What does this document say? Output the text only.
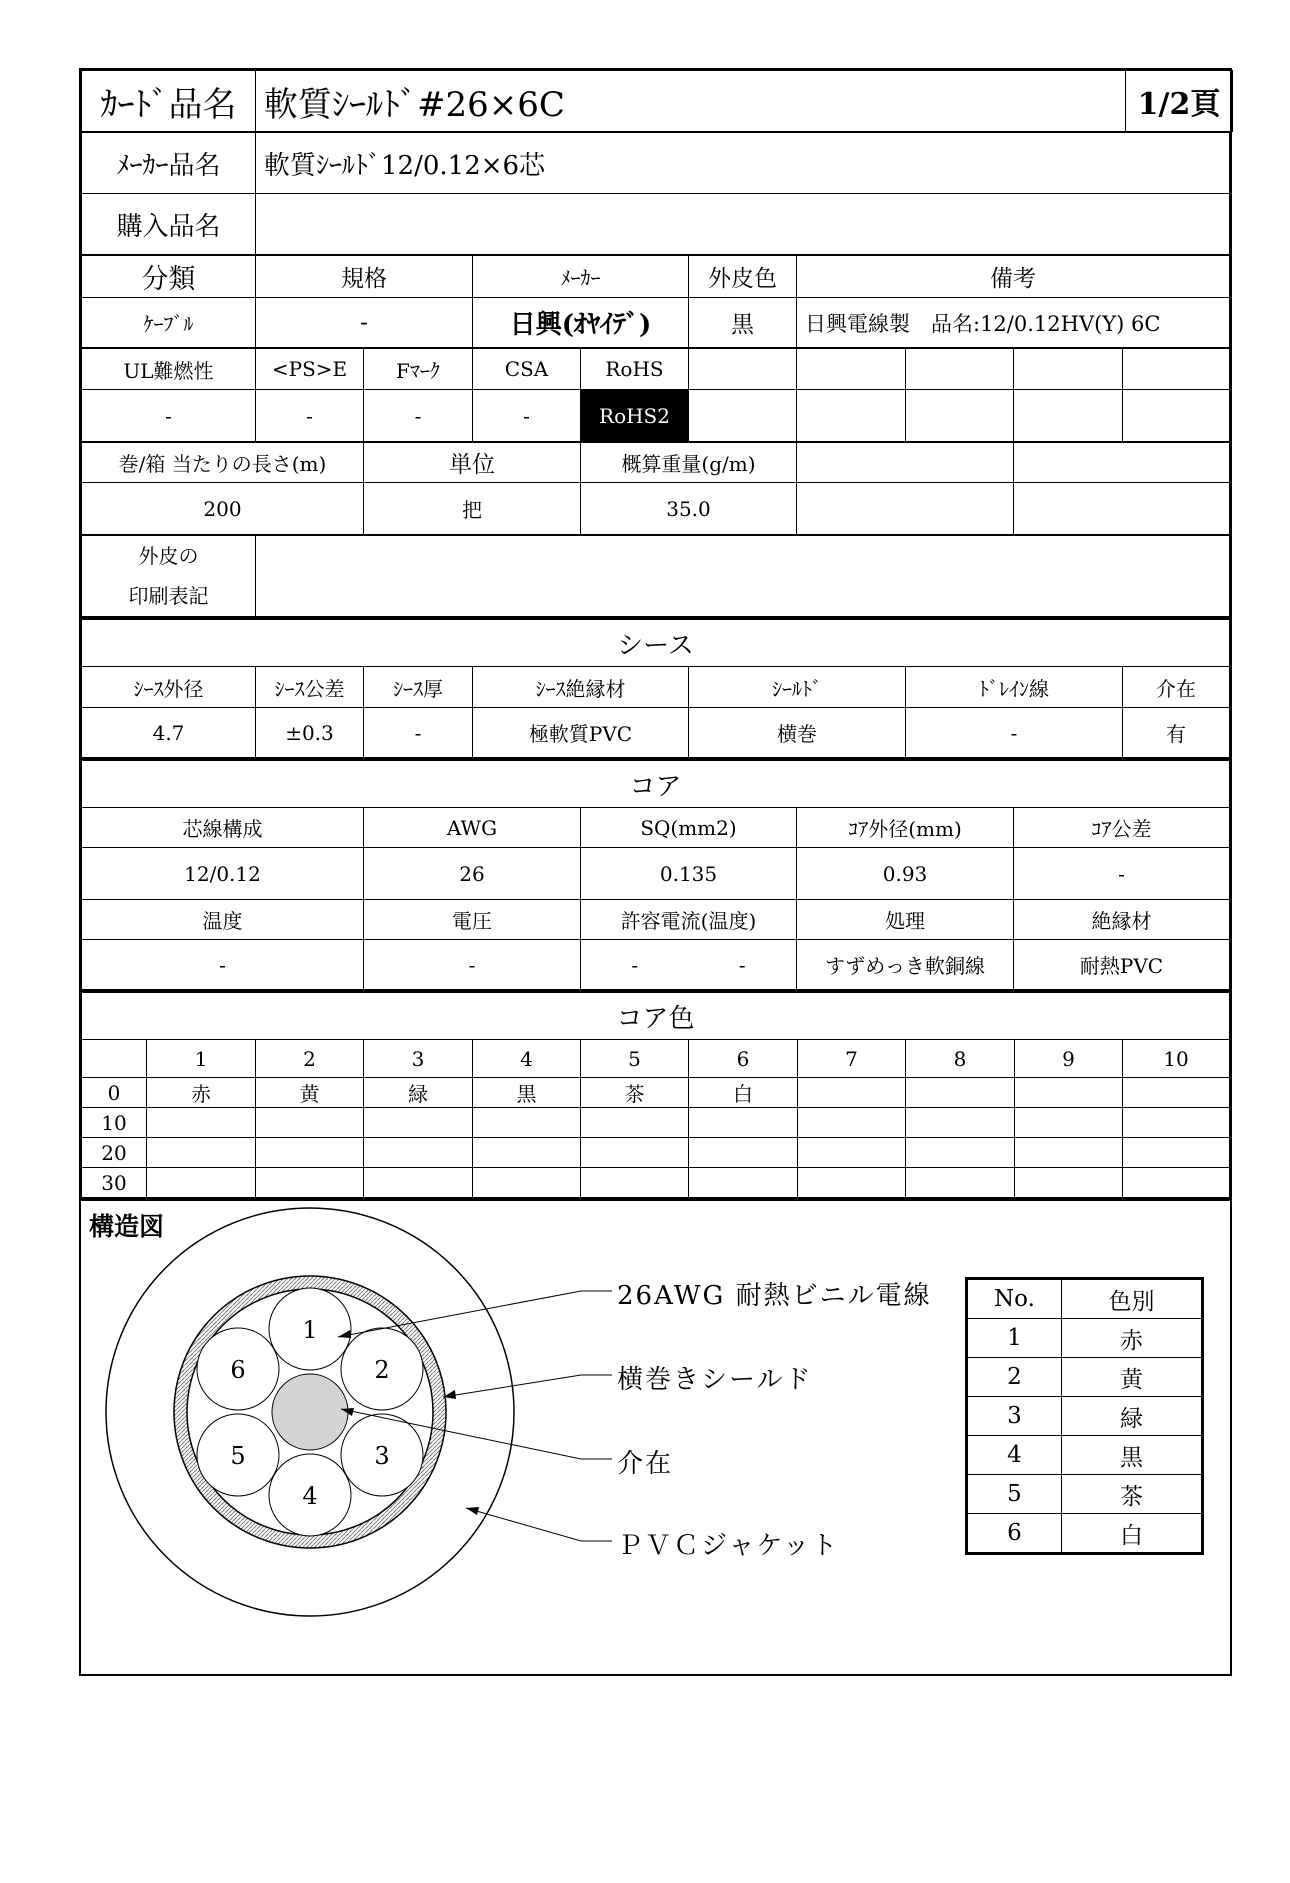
ｶｰﾄﾞ品名	軟質ｼｰﾙﾄﾞ#26×6C	1/2頁
ﾒｰｶｰ品名	軟質ｼｰﾙﾄﾞ12/0.12×6芯
購入品名	
分類	規格	ﾒｰｶｰ	外皮色	備考
ｹｰﾌﾞﾙ	-	日興(ｵﾔｲﾃﾞ)	黒	日興電線製　品名:12/0.12HV(Y) 6C
UL難燃性	<PS>E	Fﾏｰｸ	CSA	RoHS					
-	-	-	-	RoHS2					
巻/箱 当たりの長さ(m)	単位	概算重量(g/m)		
200	把	35.0		
外皮の
印刷表記

シース						
ｼｰｽ外径	ｼｰｽ公差	ｼｰｽ厚	ｼｰｽ絶縁材	ｼｰﾙﾄﾞ	ﾄﾞﾚｲﾝ線	介在
4.7	±0.3	-	極軟質PVC	横巻	-	有
コア					
芯線構成	AWG	SQ(mm2)		ｺｱ外径(mm)	ｺｱ公差
12/0.12	26	0.135		0.93	-
温度	電圧	許容電流(温度)		処理	絶縁材
-	-	-	-	すずめっき軟銅線	耐熱PVC
コア色										
	1	2	3	4	5	6	7	8	9	10
0	赤	黄	緑	黒	茶	白				
10										
20										
30										
構造図
1
2
3
4
5
6
26AWG 耐熱ビニル電線
横巻きシールド
介在
ＰＶＣジャケット
No.	色別
1	赤
2	黄
3	緑
4	黒
5	茶
6	白
